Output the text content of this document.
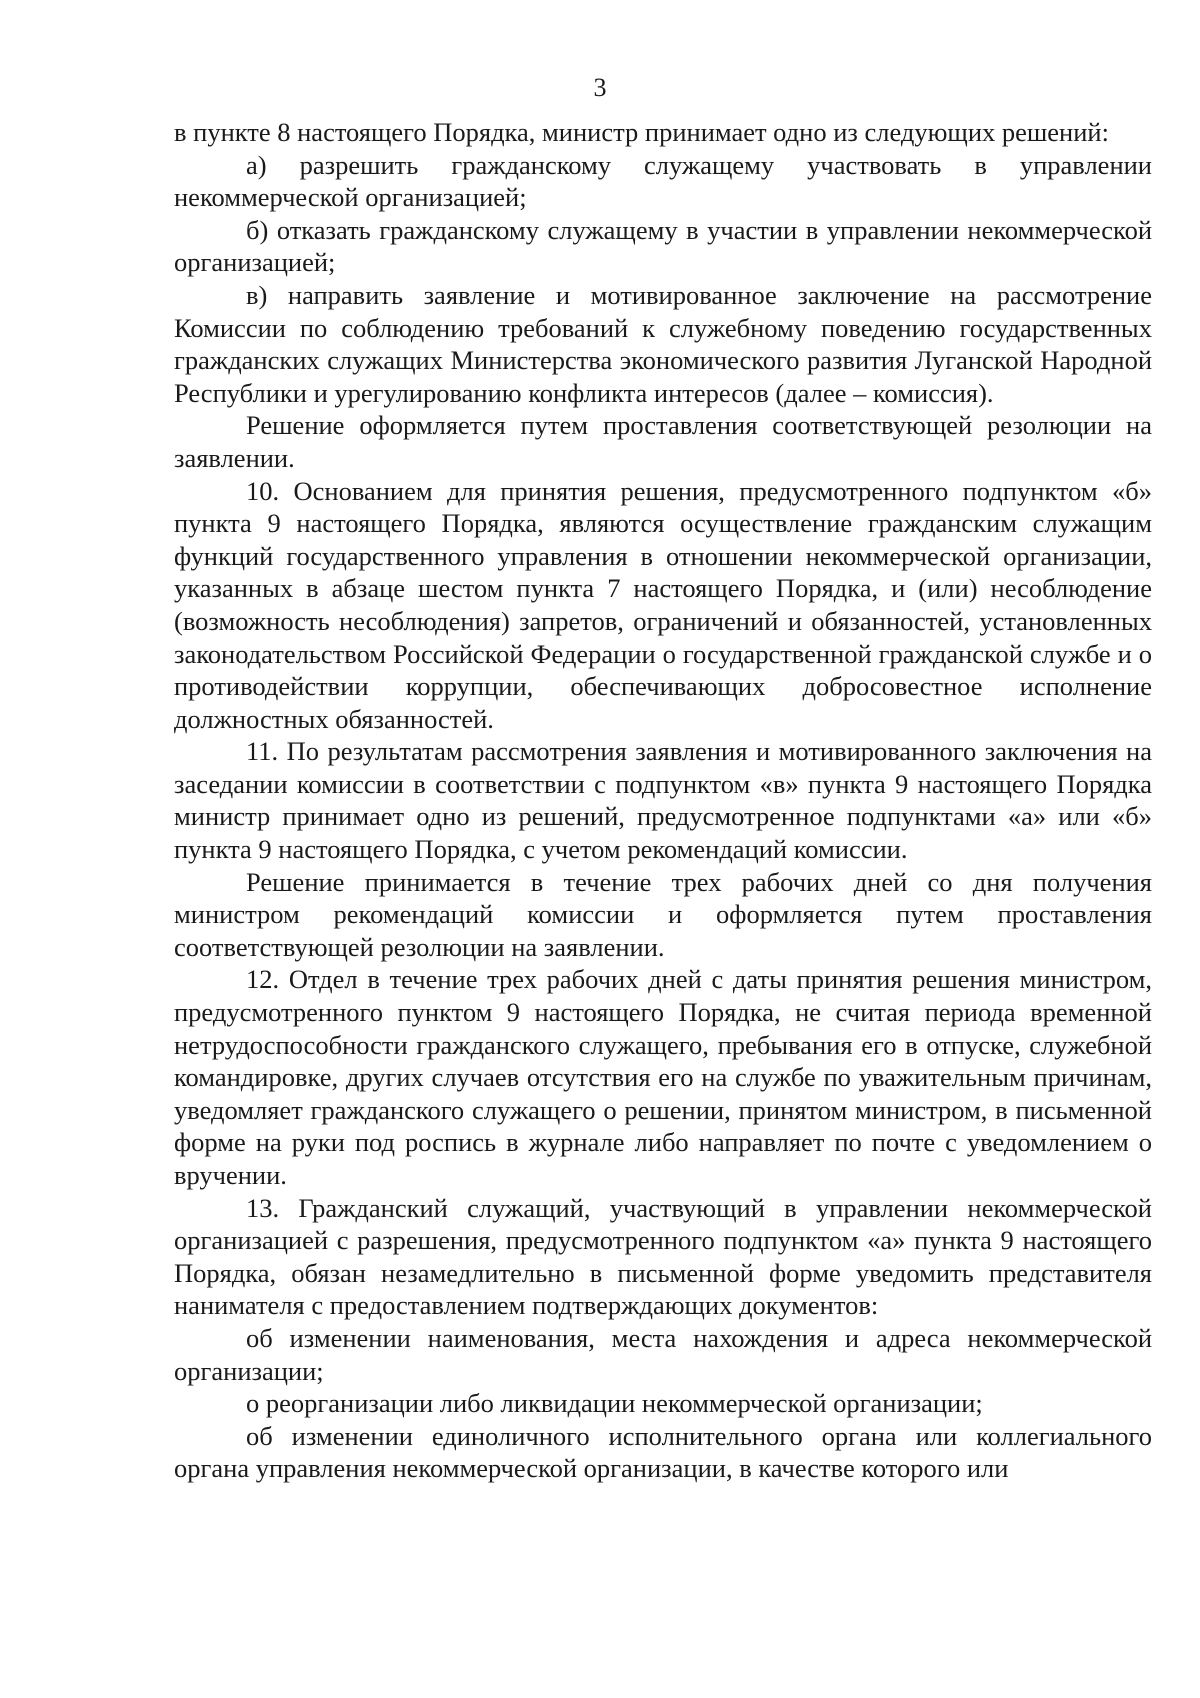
3

в пункте 8 настоящего Порядка, министр принимает одно из следующих решений:

а) разрешить гражданскому служащему участвовать в управлении некоммерческой организацией;

б) отказать гражданскому служащему в участии в управлении некоммерческой организацией;

в) направить заявление и мотивированное заключение на рассмотрение Комиссии по соблюдению требований к служебному поведению государственных гражданских служащих Министерства экономического развития Луганской Народной Республики и урегулированию конфликта интересов (далее – комиссия).

Решение оформляется путем проставления соответствующей резолюции на заявлении.

10. Основанием для принятия решения, предусмотренного подпунктом «б» пункта 9 настоящего Порядка, являются осуществление гражданским служащим функций государственного управления в отношении некоммерческой организации, указанных в абзаце шестом пункта 7 настоящего Порядка, и (или) несоблюдение (возможность несоблюдения) запретов, ограничений и обязанностей, установленных законодательством Российской Федерации о государственной гражданской службе и о противодействии коррупции, обеспечивающих добросовестное исполнение должностных обязанностей.

11. По результатам рассмотрения заявления и мотивированного заключения на заседании комиссии в соответствии с подпунктом «в» пункта 9 настоящего Порядка министр принимает одно из решений, предусмотренное подпунктами «а» или «б» пункта 9 настоящего Порядка, с учетом рекомендаций комиссии.

Решение принимается в течение трех рабочих дней со дня получения министром рекомендаций комиссии и оформляется путем проставления соответствующей резолюции на заявлении.

12. Отдел в течение трех рабочих дней с даты принятия решения министром, предусмотренного пунктом 9 настоящего Порядка, не считая периода временной нетрудоспособности гражданского служащего, пребывания его в отпуске, служебной командировке, других случаев отсутствия его на службе по уважительным причинам, уведомляет гражданского служащего о решении, принятом министром, в письменной форме на руки под роспись в журнале либо направляет по почте с уведомлением о вручении.

13. Гражданский служащий, участвующий в управлении некоммерческой организацией с разрешения, предусмотренного подпунктом «а» пункта 9 настоящего Порядка, обязан незамедлительно в письменной форме уведомить представителя нанимателя с предоставлением подтверждающих документов:

об изменении наименования, места нахождения и адреса некоммерческой организации;

о реорганизации либо ликвидации некоммерческой организации;

об изменении единоличного исполнительного органа или коллегиального органа управления некоммерческой организации, в качестве которого или
